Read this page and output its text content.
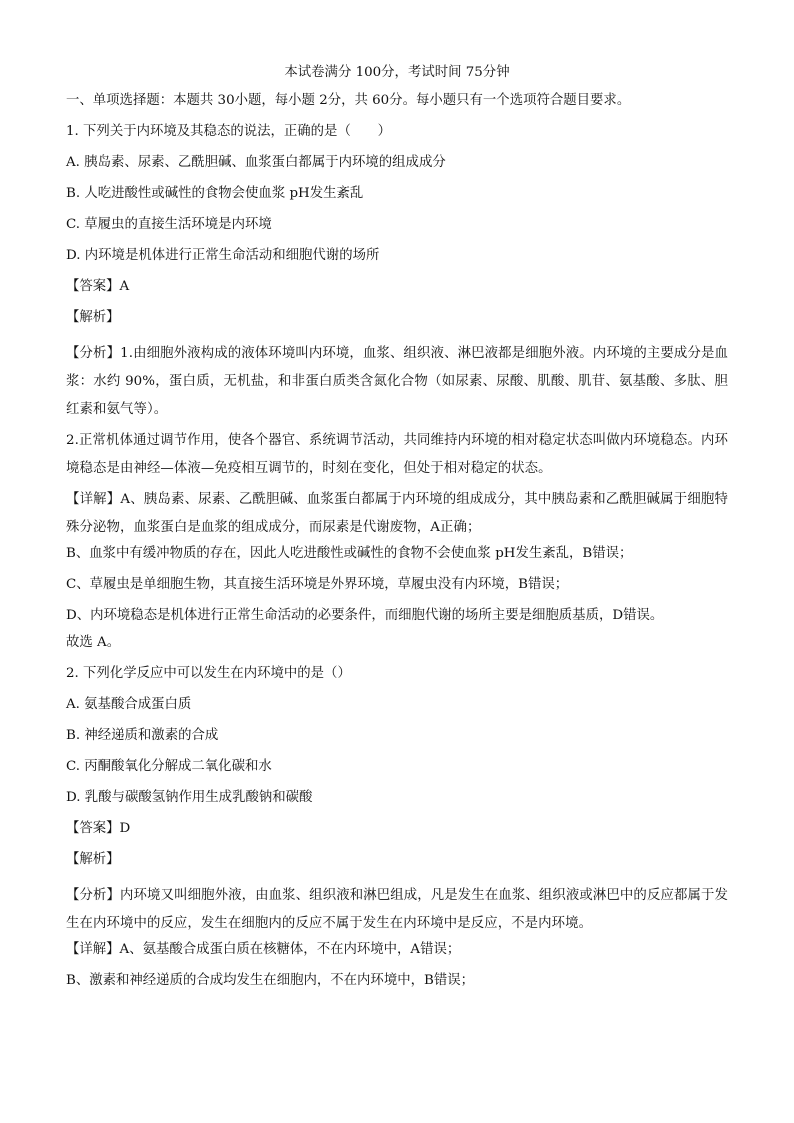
本试卷满分 100分，考试时间 75分钟
一、单项选择题：本题共 30小题，每小题 2分，共 60分。每小题只有一个选项符合题目要求。
1. 下列关于内环境及其稳态的说法，正确的是（　　）
A. 胰岛素、尿素、乙酰胆碱、血浆蛋白都属于内环境的组成成分
B. 人吃进酸性或碱性的食物会使血浆 pH发生紊乱
C. 草履虫的直接生活环境是内环境
D. 内环境是机体进行正常生命活动和细胞代谢的场所
【答案】A
【解析】

【分析】1.由细胞外液构成的液体环境叫内环境，血浆、组织液、淋巴液都是细胞外液。内环境的主要成分是血浆：水约 90%，蛋白质，无机盐，和非蛋白质类含氮化合物（如尿素、尿酸、肌酸、肌苷、氨基酸、多肽、胆红素和氨气等）。

2.正常机体通过调节作用，使各个器官、系统调节活动，共同维持内环境的相对稳定状态叫做内环境稳态。内环境稳态是由神经—体液—免疫相互调节的，时刻在变化，但处于相对稳定的状态。

【详解】A、胰岛素、尿素、乙酰胆碱、血浆蛋白都属于内环境的组成成分，其中胰岛素和乙酰胆碱属于细胞特殊分泌物，血浆蛋白是血浆的组成成分，而尿素是代谢废物，A正确；

B、血浆中有缓冲物质的存在，因此人吃进酸性或碱性的食物不会使血浆 pH发生紊乱，B错误；
C、草履虫是单细胞生物，其直接生活环境是外界环境，草履虫没有内环境，B错误；
D、内环境稳态是机体进行正常生命活动的必要条件，而细胞代谢的场所主要是细胞质基质，D错误。
故选 A。
2. 下列化学反应中可以发生在内环境中的是（）
A. 氨基酸合成蛋白质
B. 神经递质和激素的合成
C. 丙酮酸氧化分解成二氧化碳和水
D. 乳酸与碳酸氢钠作用生成乳酸钠和碳酸
【答案】D
【解析】

【分析】内环境又叫细胞外液，由血浆、组织液和淋巴组成，凡是发生在血浆、组织液或淋巴中的反应都属于发生在内环境中的反应，发生在细胞内的反应不属于发生在内环境中是反应，不是内环境。

【详解】A、氨基酸合成蛋白质在核糖体，不在内环境中，A错误；
B、激素和神经递质的合成均发生在细胞内，不在内环境中，B错误；
